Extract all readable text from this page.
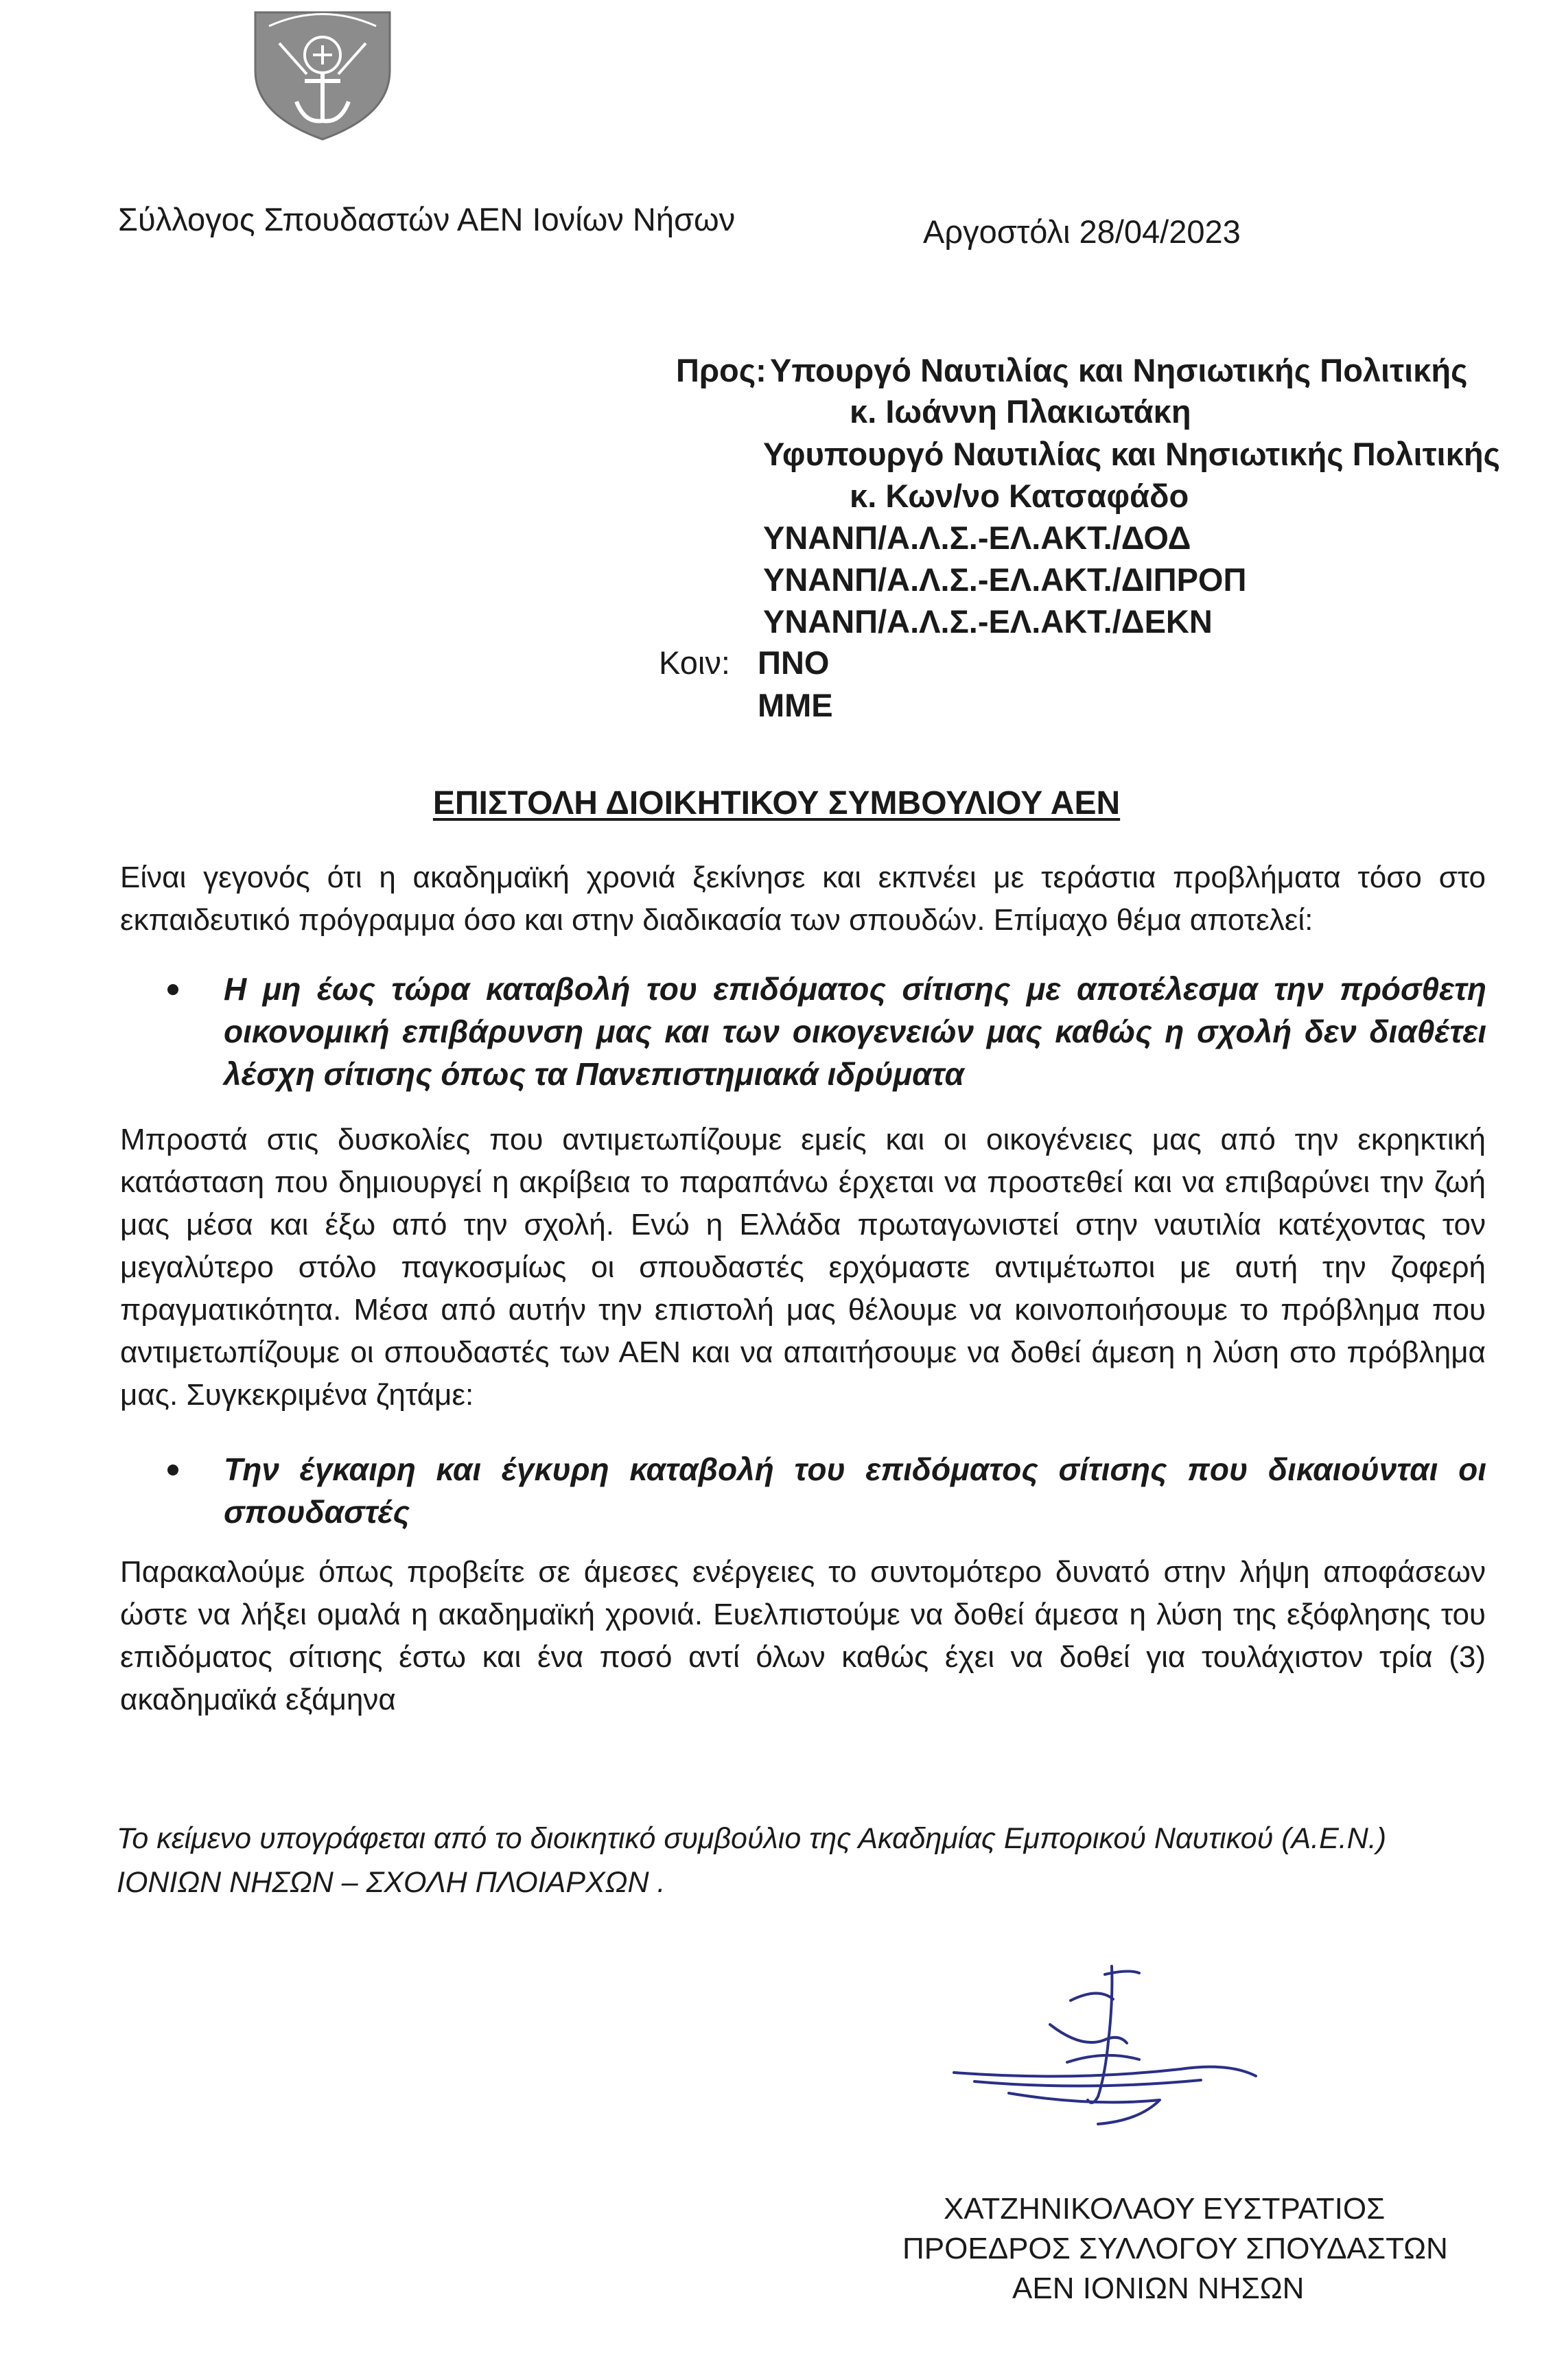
Σύλλογος Σπουδαστών ΑΕΝ Ιονίων Νήσων	Αργοστόλι 28/04/2023
Προς: Υπουργό Ναυτιλίας και Νησιωτικής Πολιτικής
κ. Ιωάννη Πλακιωτάκη
Υφυπουργό Ναυτιλίας και Νησιωτικής Πολιτικής
κ. Κων/νο Κατσαφάδο
ΥΝΑΝΠ/Α.Λ.Σ.-ΕΛ.ΑΚΤ./ΔΟΔ
ΥΝΑΝΠ/Α.Λ.Σ.-ΕΛ.ΑΚΤ./ΔΙΠΡΟΠ
ΥΝΑΝΠ/Α.Λ.Σ.-ΕΛ.ΑΚΤ./ΔΕΚΝ
Κοιν: ΠΝΟ
ΜΜΕ
ΕΠΙΣΤΟΛΗ ΔΙΟΙΚΗΤΙΚΟΥ ΣΥΜΒΟΥΛΙΟΥ ΑΕΝ
Είναι γεγονός ότι η ακαδημαϊκή χρονιά ξεκίνησε και εκπνέει με τεράστια προβλήματα τόσο στο εκπαιδευτικό πρόγραμμα όσο και στην διαδικασία των σπουδών. Επίμαχο θέμα αποτελεί:
Η μη έως τώρα καταβολή του επιδόματος σίτισης με αποτέλεσμα την πρόσθετη οικονομική επιβάρυνση μας και των οικογενειών μας καθώς η σχολή δεν διαθέτει λέσχη σίτισης όπως τα Πανεπιστημιακά ιδρύματα
Μπροστά στις δυσκολίες που αντιμετωπίζουμε εμείς και οι οικογένειες μας από την εκρηκτική κατάσταση που δημιουργεί η ακρίβεια το παραπάνω έρχεται να προστεθεί και να επιβαρύνει την ζωή μας μέσα και έξω από την σχολή. Ενώ η Ελλάδα πρωταγωνιστεί στην ναυτιλία κατέχοντας τον μεγαλύτερο στόλο παγκοσμίως οι σπουδαστές ερχόμαστε αντιμέτωποι με αυτή την ζοφερή πραγματικότητα. Μέσα από αυτήν την επιστολή μας θέλουμε να κοινοποιήσουμε το πρόβλημα που αντιμετωπίζουμε οι σπουδαστές των ΑΕΝ και να απαιτήσουμε να δοθεί άμεση η λύση στο πρόβλημα μας. Συγκεκριμένα ζητάμε:
Την έγκαιρη και έγκυρη καταβολή του επιδόματος σίτισης που δικαιούνται οι σπουδαστές
Παρακαλούμε όπως προβείτε σε άμεσες ενέργειες το συντομότερο δυνατό στην λήψη αποφάσεων ώστε να λήξει ομαλά η ακαδημαϊκή χρονιά. Ευελπιστούμε να δοθεί άμεσα η λύση της εξόφλησης του επιδόματος σίτισης έστω και ένα ποσό αντί όλων καθώς έχει να δοθεί για τουλάχιστον τρία (3) ακαδημαϊκά εξάμηνα
Το κείμενο υπογράφεται από το διοικητικό συμβούλιο της Ακαδημίας Εμπορικού Ναυτικού (Α.Ε.Ν.)
ΙΟΝΙΩΝ ΝΗΣΩΝ – ΣΧΟΛΗ ΠΛΟΙΑΡΧΩΝ .
ΧΑΤΖΗΝΙΚΟΛΑΟΥ ΕΥΣΤΡΑΤΙΟΣ
ΠΡΟΕΔΡΟΣ ΣΥΛΛΟΓΟΥ ΣΠΟΥΔΑΣΤΩΝ
ΑΕΝ ΙΟΝΙΩΝ ΝΗΣΩΝ
